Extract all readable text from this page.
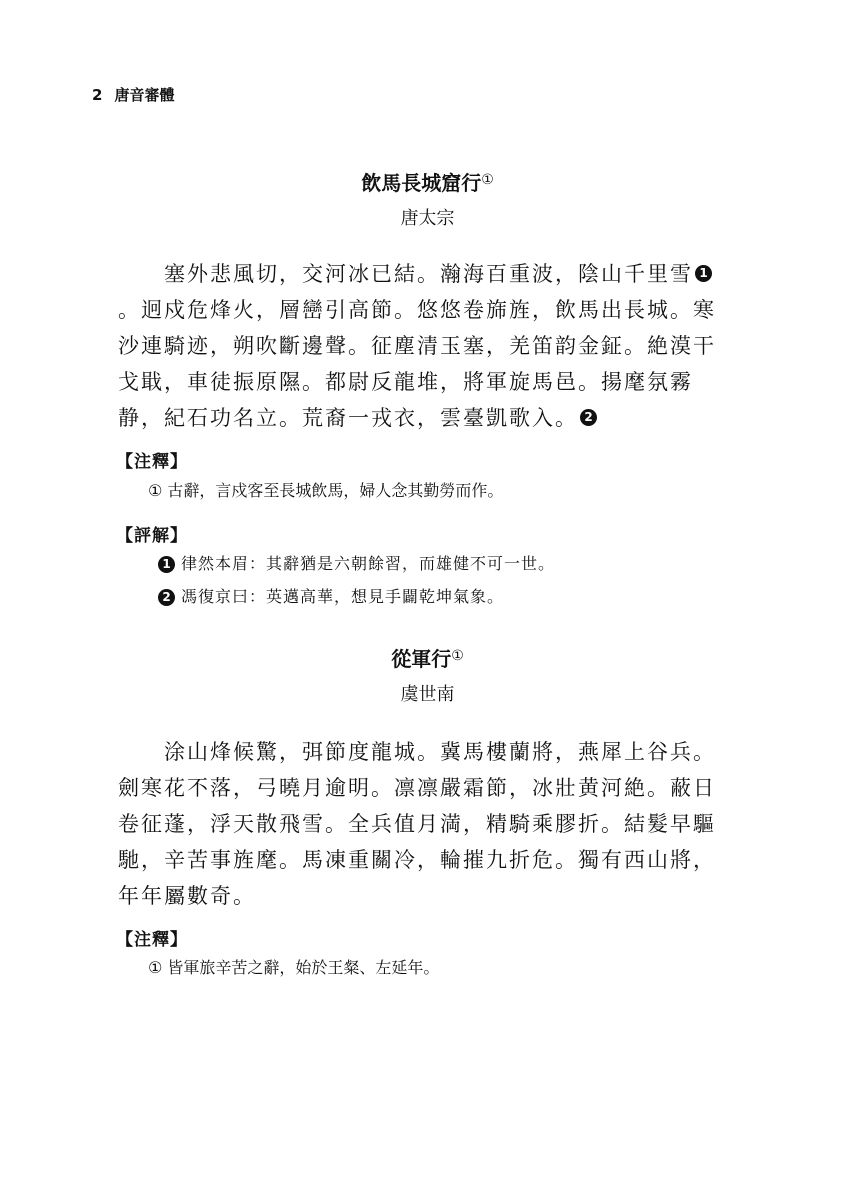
2 唐音審體
飲馬長城窟行①
唐太宗

塞外悲風切，交河冰已結。瀚海百重波，陰山千里雪 1。迥戍危烽火，層巒引高節。悠悠卷旆旌，飲馬出長城。寒沙連騎迹，朔吹斷邊聲。征塵清玉塞，羌笛韵金鉦。絶漠干戈戢，車徒振原隰。都尉反龍堆，將軍旋馬邑。揚麾氛霧静，紀石功名立。荒裔一戎衣，雲臺凱歌入。 2

【注釋】
① 古辭，言戍客至長城飲馬，婦人念其勤勞而作。
【評解】
1 律然本眉：其辭猶是六朝餘習，而雄健不可一世。
2 馮復京曰：英邁高華，想見手闢乾坤氣象。
從軍行①
虞世南

涂山烽候驚，弭節度龍城。冀馬樓蘭將，燕犀上谷兵。劍寒花不落，弓曉月逾明。凛凛嚴霜節，冰壯黄河絶。蔽日卷征蓬，浮天散飛雪。全兵值月満，精騎乘膠折。結髮早驅馳，辛苦事旌麾。馬凍重關冷，輪摧九折危。獨有西山將，年年屬數奇。

【注釋】
① 皆軍旅辛苦之辭，始於王粲、左延年。
